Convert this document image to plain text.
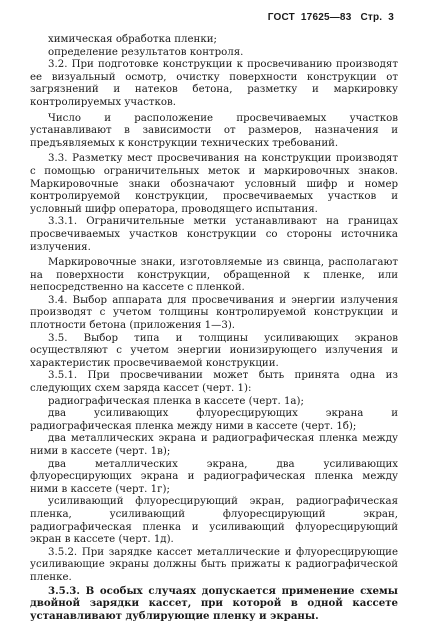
ГОСТ 17625—83 Стр. 3

химическая обработка пленки;

определение результатов контроля.

3.2. При подготовке конструкции к просвечиванию производят ее визуальный осмотр, очистку поверхности конструкции от загрязнений и натеков бетона, разметку и маркировку контролируемых участков.

Число и расположение просвечиваемых участков устанавливают в зависимости от размеров, назначения и предъявляемых к конструкции технических требований.

3.3. Разметку мест просвечивания на конструкции производят с помощью ограничительных меток и маркировочных знаков. Маркировочные знаки обозначают условный шифр и номер контролируемой конструкции, просвечиваемых участков и условный шифр оператора, проводящего испытания.

3.3.1. Ограничительные метки устанавливают на границах просвечиваемых участков конструкции со стороны источника излучения.

Маркировочные знаки, изготовляемые из свинца, располагают на поверхности конструкции, обращенной к пленке, или непосредственно на кассете с пленкой.

3.4. Выбор аппарата для просвечивания и энергии излучения производят с учетом толщины контролируемой конструкции и плотности бетона (приложения 1—3).

3.5. Выбор типа и толщины усиливающих экранов осуществляют с учетом энергии ионизирующего излучения и характеристик просвечиваемой конструкции.

3.5.1. При просвечивании может быть принята одна из следующих схем заряда кассет (черт. 1):

радиографическая пленка в кассете (черт. 1а);

два усиливающих флуоресцирующих экрана и радиографическая пленка между ними в кассете (черт. 1б);

два металлических экрана и радиографическая пленка между ними в кассете (черт. 1в);

два металлических экрана, два усиливающих флуоресцирующих экрана и радиографическая пленка между ними в кассете (черт. 1г);

усиливающий флуоресцирующий экран, радиографическая пленка, усиливающий флуоресцирующий экран, радиографическая пленка и усиливающий флуоресцирующий экран в кассете (черт. 1д).

3.5.2. При зарядке кассет металлические и флуоресцирующие усиливающие экраны должны быть прижаты к радиографической пленке.

3.5.3. В особых случаях допускается применение схемы двойной зарядки кассет, при которой в одной кассете устанавливают дублирующие пленку и экраны.
